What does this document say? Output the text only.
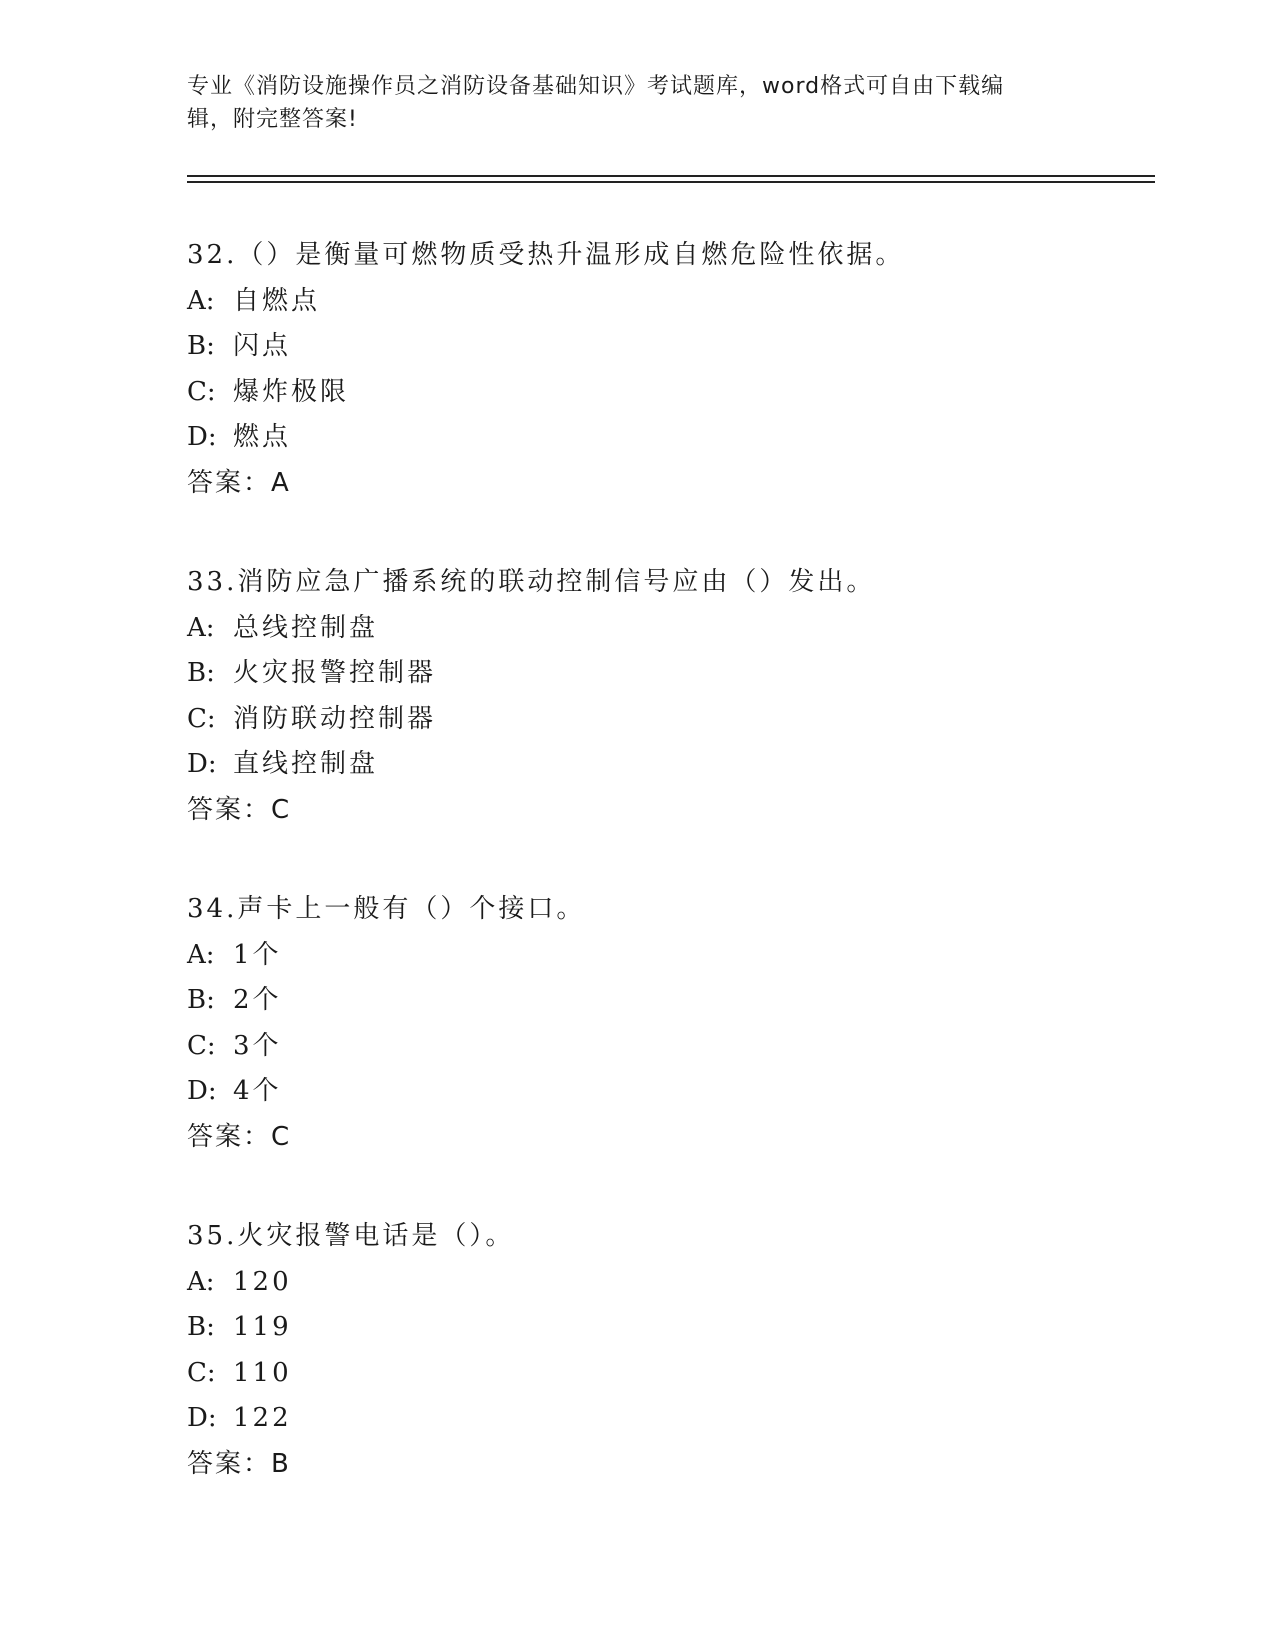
专业《消防设施操作员之消防设备基础知识》考试题库，word格式可自由下载编
辑，附完整答案!
32.（）是衡量可燃物质受热升温形成自燃危险性依据。
A: 自燃点
B: 闪点
C: 爆炸极限
D: 燃点
答案：A
33.消防应急广播系统的联动控制信号应由（）发出。
A: 总线控制盘
B: 火灾报警控制器
C: 消防联动控制器
D: 直线控制盘
答案：C
34.声卡上一般有（）个接口。
A: 1个
B: 2个
C: 3个
D: 4个
答案：C
35.火灾报警电话是（）。
A: 120
B: 119
C: 110
D: 122
答案：B
